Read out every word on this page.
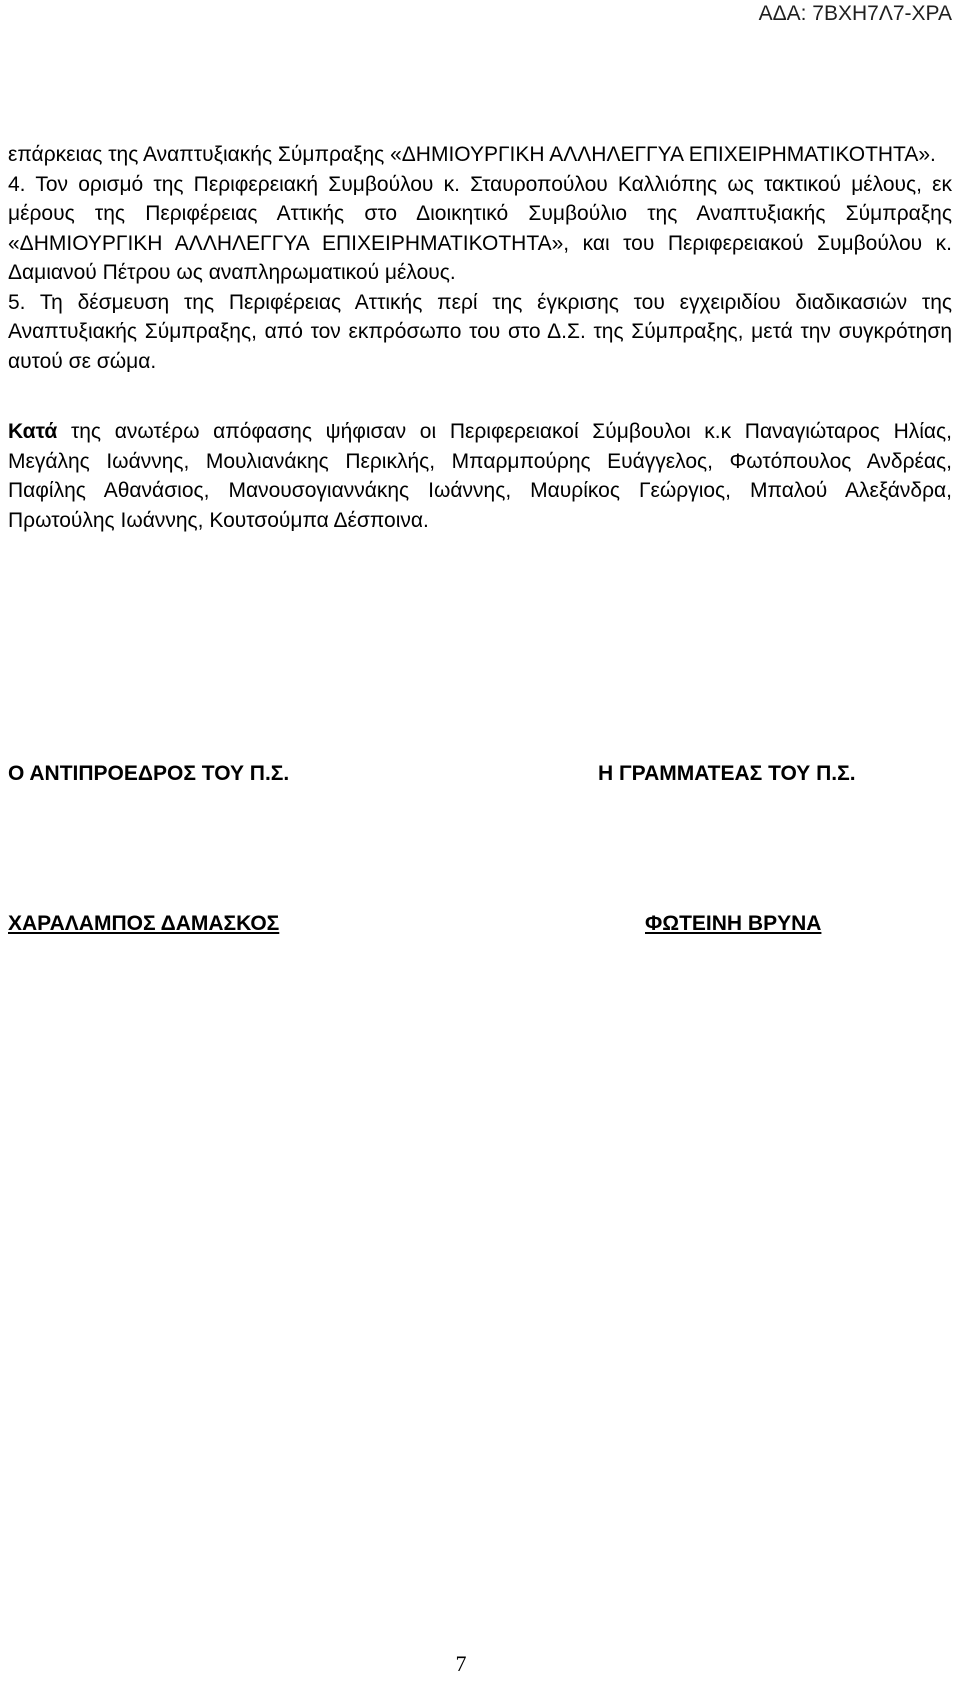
ΑΔΑ: 7ΒΧΗ7Λ7-ΧΡΑ

επάρκειας της Αναπτυξιακής Σύμπραξης «ΔΗΜΙΟΥΡΓΙΚΗ ΑΛΛΗΛΕΓΓΥΑ ΕΠΙΧΕΙΡΗΜΑΤΙΚΟΤΗΤΑ».

4. Τον ορισμό της Περιφερειακή Συμβούλου κ. Σταυροπούλου Καλλιόπης ως τακτικού μέλους, εκ μέρους της Περιφέρειας Αττικής στο Διοικητικό Συμβούλιο της Αναπτυξιακής Σύμπραξης «ΔΗΜΙΟΥΡΓΙΚΗ ΑΛΛΗΛΕΓΓΥΑ ΕΠΙΧΕΙΡΗΜΑΤΙΚΟΤΗΤΑ», και του Περιφερειακού Συμβούλου κ. Δαμιανού Πέτρου ως αναπληρωματικού μέλους.

5. Τη δέσμευση της Περιφέρειας Αττικής περί της έγκρισης του εγχειριδίου διαδικασιών της Αναπτυξιακής Σύμπραξης, από τον εκπρόσωπο του στο Δ.Σ. της Σύμπραξης, μετά την συγκρότηση αυτού σε σώμα.

Κατά της ανωτέρω απόφασης ψήφισαν οι Περιφερειακοί Σύμβουλοι κ.κ Παναγιώταρος Ηλίας, Μεγάλης Ιωάννης, Μουλιανάκης Περικλής, Μπαρμπούρης Ευάγγελος, Φωτόπουλος Ανδρέας, Παφίλης Αθανάσιος, Μανουσογιαννάκης Ιωάννης, Μαυρίκος Γεώργιος, Μπαλού Αλεξάνδρα, Πρωτούλης Ιωάννης, Κουτσούμπα Δέσποινα.

Ο ΑΝΤΙΠΡΟΕΔΡΟΣ ΤΟΥ Π.Σ.	Η ΓΡΑΜΜΑΤΕΑΣ ΤΟΥ Π.Σ.
ΧΑΡΑΛΑΜΠΟΣ ΔΑΜΑΣΚΟΣ	ΦΩΤΕΙΝΗ ΒΡΥΝΑ
7
